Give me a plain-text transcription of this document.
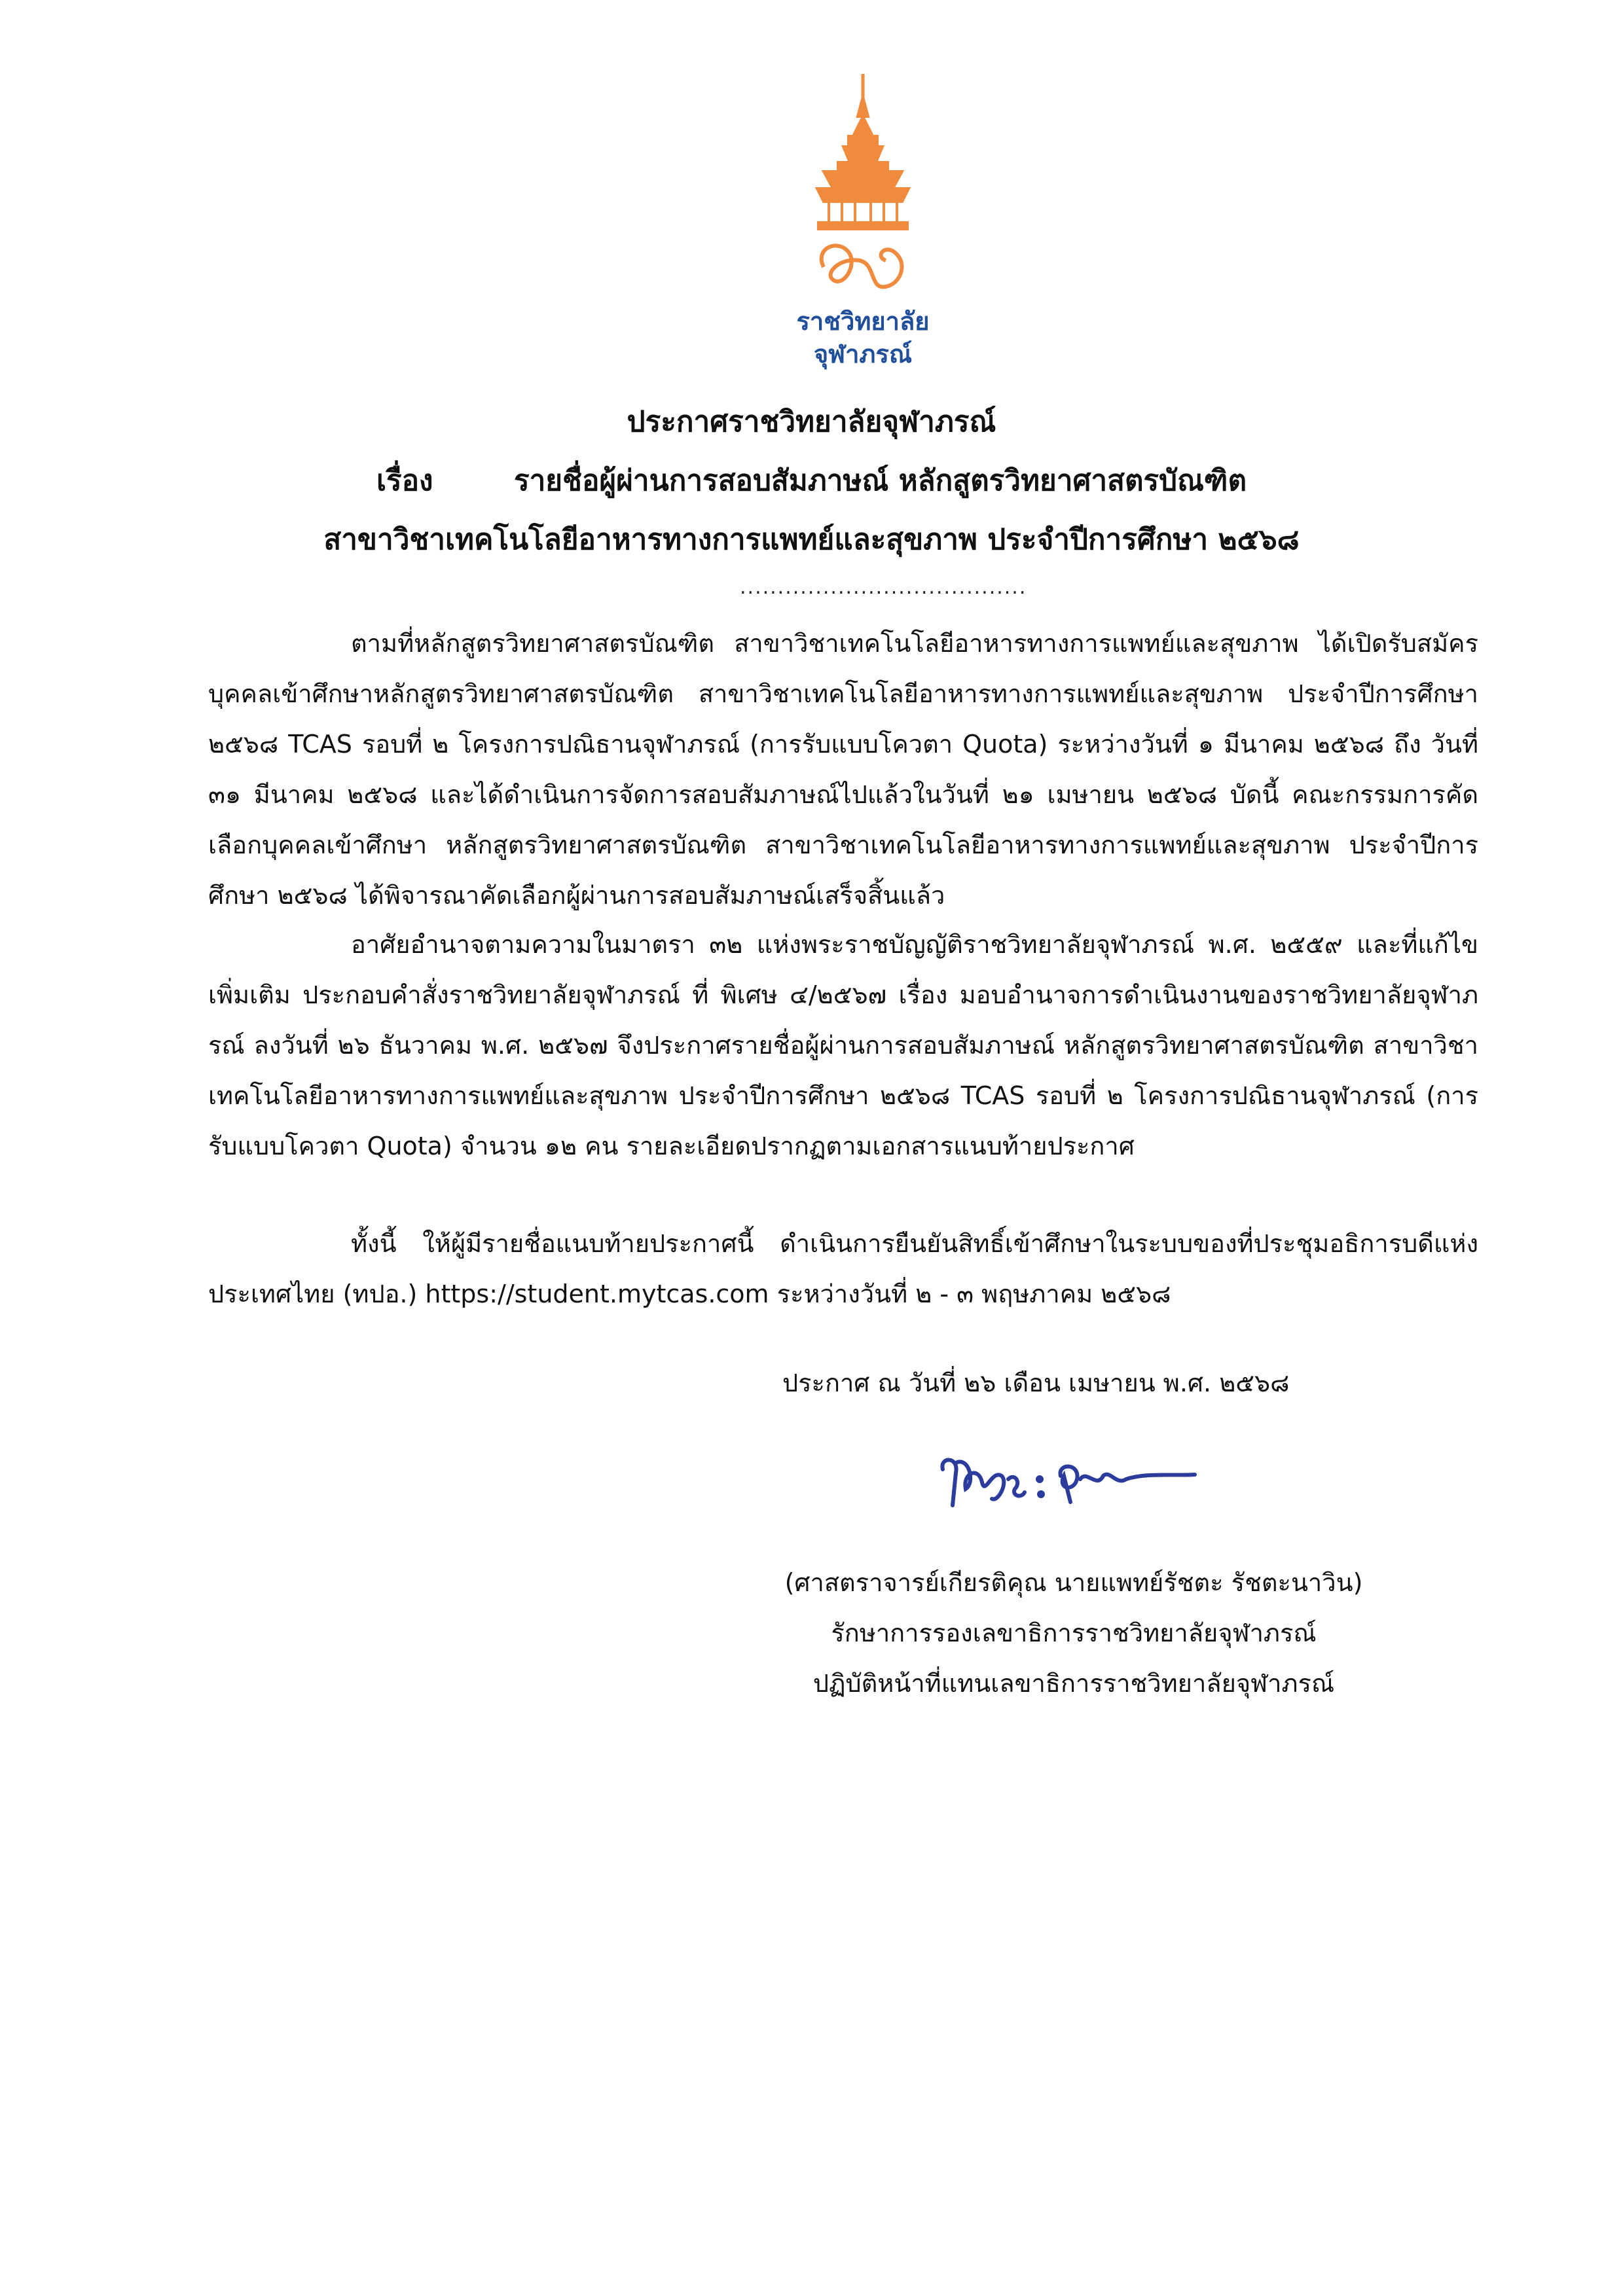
ราชวิทยาลัย
จุฬาภรณ์
ประกาศราชวิทยาลัยจุฬาภรณ์
เรื่อง	รายชื่อผู้ผ่านการสอบสัมภาษณ์ หลักสูตรวิทยาศาสตรบัณฑิต
สาขาวิชาเทคโนโลยีอาหารทางการแพทย์และสุขภาพ ประจำปีการศึกษา ๒๕๖๘
......................................
ตามที่หลักสูตรวิทยาศาสตรบัณฑิต สาขาวิชาเทคโนโลยีอาหารทางการแพทย์และสุขภาพ ได้เปิดรับสมัครบุคคลเข้าศึกษาหลักสูตรวิทยาศาสตรบัณฑิต สาขาวิชาเทคโนโลยีอาหารทางการแพทย์และสุขภาพ ประจำปีการศึกษา ๒๕๖๘ TCAS รอบที่ ๒ โครงการปณิธานจุฬาภรณ์ (การรับแบบโควตา Quota) ระหว่างวันที่ ๑ มีนาคม ๒๕๖๘ ถึง วันที่ ๓๑ มีนาคม ๒๕๖๘ และได้ดำเนินการจัดการสอบสัมภาษณ์ไปแล้วในวันที่ ๒๑ เมษายน ๒๕๖๘ บัดนี้ คณะกรรมการคัดเลือกบุคคลเข้าศึกษา หลักสูตรวิทยาศาสตรบัณฑิต สาขาวิชาเทคโนโลยีอาหารทางการแพทย์และสุขภาพ ประจำปีการศึกษา ๒๕๖๘ ได้พิจารณาคัดเลือกผู้ผ่านการสอบสัมภาษณ์เสร็จสิ้นแล้ว
อาศัยอำนาจตามความในมาตรา ๓๒ แห่งพระราชบัญญัติราชวิทยาลัยจุฬาภรณ์ พ.ศ. ๒๕๕๙ และที่แก้ไขเพิ่มเติม ประกอบคำสั่งราชวิทยาลัยจุฬาภรณ์ ที่ พิเศษ ๔/๒๕๖๗ เรื่อง มอบอำนาจการดำเนินงานของราชวิทยาลัยจุฬาภรณ์ ลงวันที่ ๒๖ ธันวาคม พ.ศ. ๒๕๖๗ จึงประกาศรายชื่อผู้ผ่านการสอบสัมภาษณ์ หลักสูตรวิทยาศาสตรบัณฑิต สาขาวิชาเทคโนโลยีอาหารทางการแพทย์และสุขภาพ ประจำปีการศึกษา ๒๕๖๘ TCAS รอบที่ ๒ โครงการปณิธานจุฬาภรณ์ (การรับแบบโควตา Quota) จำนวน ๑๒ คน รายละเอียดปรากฏตามเอกสารแนบท้ายประกาศ
ทั้งนี้ ให้ผู้มีรายชื่อแนบท้ายประกาศนี้ ดำเนินการยืนยันสิทธิ์เข้าศึกษาในระบบของที่ประชุมอธิการบดีแห่งประเทศไทย (ทปอ.) https://student.mytcas.com ระหว่างวันที่ ๒ - ๓ พฤษภาคม ๒๕๖๘
ประกาศ ณ วันที่ ๒๖ เดือน เมษายน พ.ศ. ๒๕๖๘
(ศาสตราจารย์เกียรติคุณ นายแพทย์รัชตะ รัชตะนาวิน)
รักษาการรองเลขาธิการราชวิทยาลัยจุฬาภรณ์
ปฏิบัติหน้าที่แทนเลขาธิการราชวิทยาลัยจุฬาภรณ์
